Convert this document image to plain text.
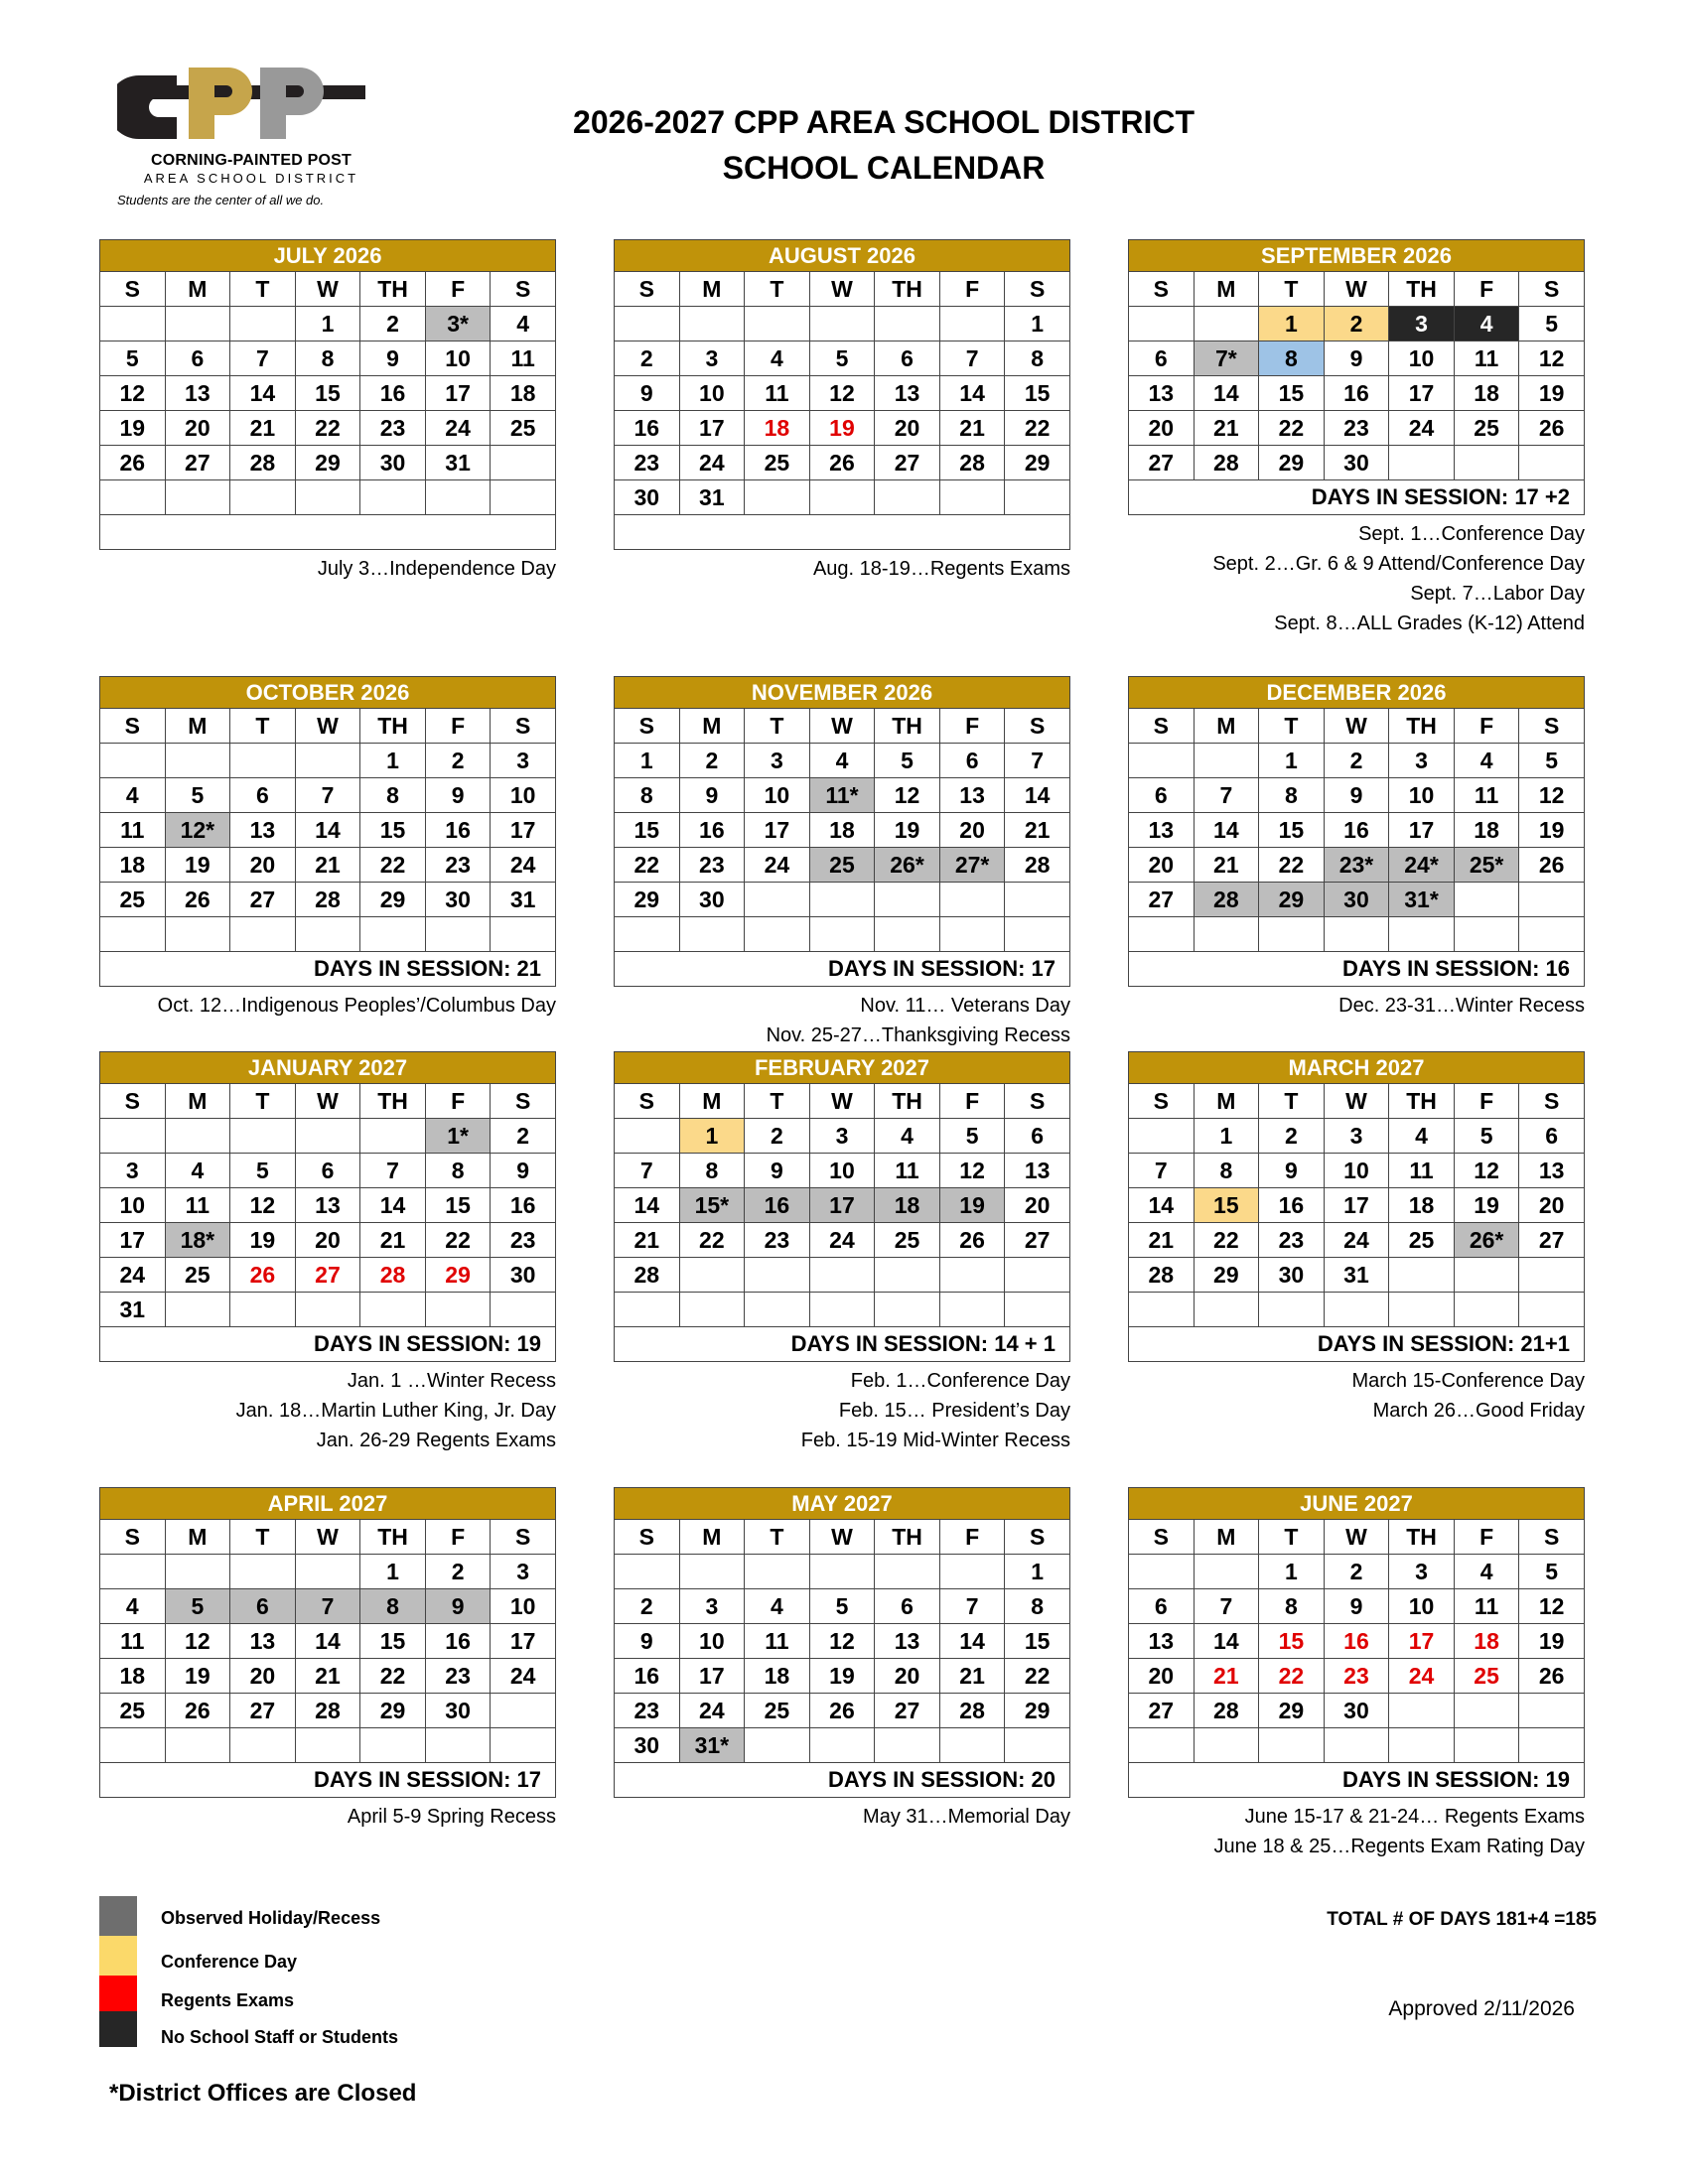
CORNING-PAINTED POST
AREA SCHOOL DISTRICT
Students are the center of all we do.
2026-2027 CPP AREA SCHOOL DISTRICT
SCHOOL CALENDAR
JULY 2026						
S	M	T	W	TH	F	S
			1	2	3*	4
5	6	7	8	9	10	11
12	13	14	15	16	17	18
19	20	21	22	23	24	25
26	27	28	29	30	31	

July 3…Independence Day
AUGUST 2026						
S	M	T	W	TH	F	S
						1
2	3	4	5	6	7	8
9	10	11	12	13	14	15
16	17	18	19	20	21	22
23	24	25	26	27	28	29
30	31					

Aug. 18-19…Regents Exams
SEPTEMBER 2026						
S	M	T	W	TH	F	S
		1	2	3	4	5
6	7*	8	9	10	11	12
13	14	15	16	17	18	19
20	21	22	23	24	25	26
27	28	29	30			
DAYS IN SESSION: 17 +2						
Sept. 1…Conference Day
Sept. 2…Gr. 6 & 9 Attend/Conference Day
Sept. 7…Labor Day
Sept. 8…ALL Grades (K-12) Attend
OCTOBER 2026						
S	M	T	W	TH	F	S
				1	2	3
4	5	6	7	8	9	10
11	12*	13	14	15	16	17
18	19	20	21	22	23	24
25	26	27	28	29	30	31

DAYS IN SESSION: 21						
Oct. 12…Indigenous Peoples’/Columbus Day
NOVEMBER 2026						
S	M	T	W	TH	F	S
1	2	3	4	5	6	7
8	9	10	11*	12	13	14
15	16	17	18	19	20	21
22	23	24	25	26*	27*	28
29	30					

DAYS IN SESSION: 17						
Nov. 11… Veterans Day
Nov. 25-27…Thanksgiving Recess
DECEMBER 2026						
S	M	T	W	TH	F	S
		1	2	3	4	5
6	7	8	9	10	11	12
13	14	15	16	17	18	19
20	21	22	23*	24*	25*	26
27	28	29	30	31*		

DAYS IN SESSION: 16						
Dec. 23-31…Winter Recess
JANUARY 2027						
S	M	T	W	TH	F	S
					1*	2
3	4	5	6	7	8	9
10	11	12	13	14	15	16
17	18*	19	20	21	22	23
24	25	26	27	28	29	30
31						
DAYS IN SESSION: 19						
Jan. 1 …Winter Recess
Jan. 18…Martin Luther King, Jr. Day
Jan. 26-29 Regents Exams
FEBRUARY 2027						
S	M	T	W	TH	F	S
	1	2	3	4	5	6
7	8	9	10	11	12	13
14	15*	16	17	18	19	20
21	22	23	24	25	26	27
28						

DAYS IN SESSION: 14 + 1						
Feb. 1…Conference Day
Feb. 15… President’s Day
Feb. 15-19 Mid-Winter Recess
MARCH 2027						
S	M	T	W	TH	F	S
	1	2	3	4	5	6
7	8	9	10	11	12	13
14	15	16	17	18	19	20
21	22	23	24	25	26*	27
28	29	30	31			

DAYS IN SESSION: 21+1						
March 15-Conference Day
March 26…Good Friday
APRIL 2027						
S	M	T	W	TH	F	S
				1	2	3
4	5	6	7	8	9	10
11	12	13	14	15	16	17
18	19	20	21	22	23	24
25	26	27	28	29	30	

DAYS IN SESSION: 17						
April 5-9 Spring Recess
MAY 2027						
S	M	T	W	TH	F	S
						1
2	3	4	5	6	7	8
9	10	11	12	13	14	15
16	17	18	19	20	21	22
23	24	25	26	27	28	29
30	31*					
DAYS IN SESSION: 20						
May 31…Memorial Day
JUNE 2027						
S	M	T	W	TH	F	S
		1	2	3	4	5
6	7	8	9	10	11	12
13	14	15	16	17	18	19
20	21	22	23	24	25	26
27	28	29	30			

DAYS IN SESSION: 19						
June 15-17 & 21-24… Regents Exams
June 18 & 25…Regents Exam Rating Day
Observed Holiday/Recess
Conference Day
Regents Exams
No School Staff or Students
*District Offices are Closed
TOTAL # OF DAYS 181+4 =185
Approved 2/11/2026
